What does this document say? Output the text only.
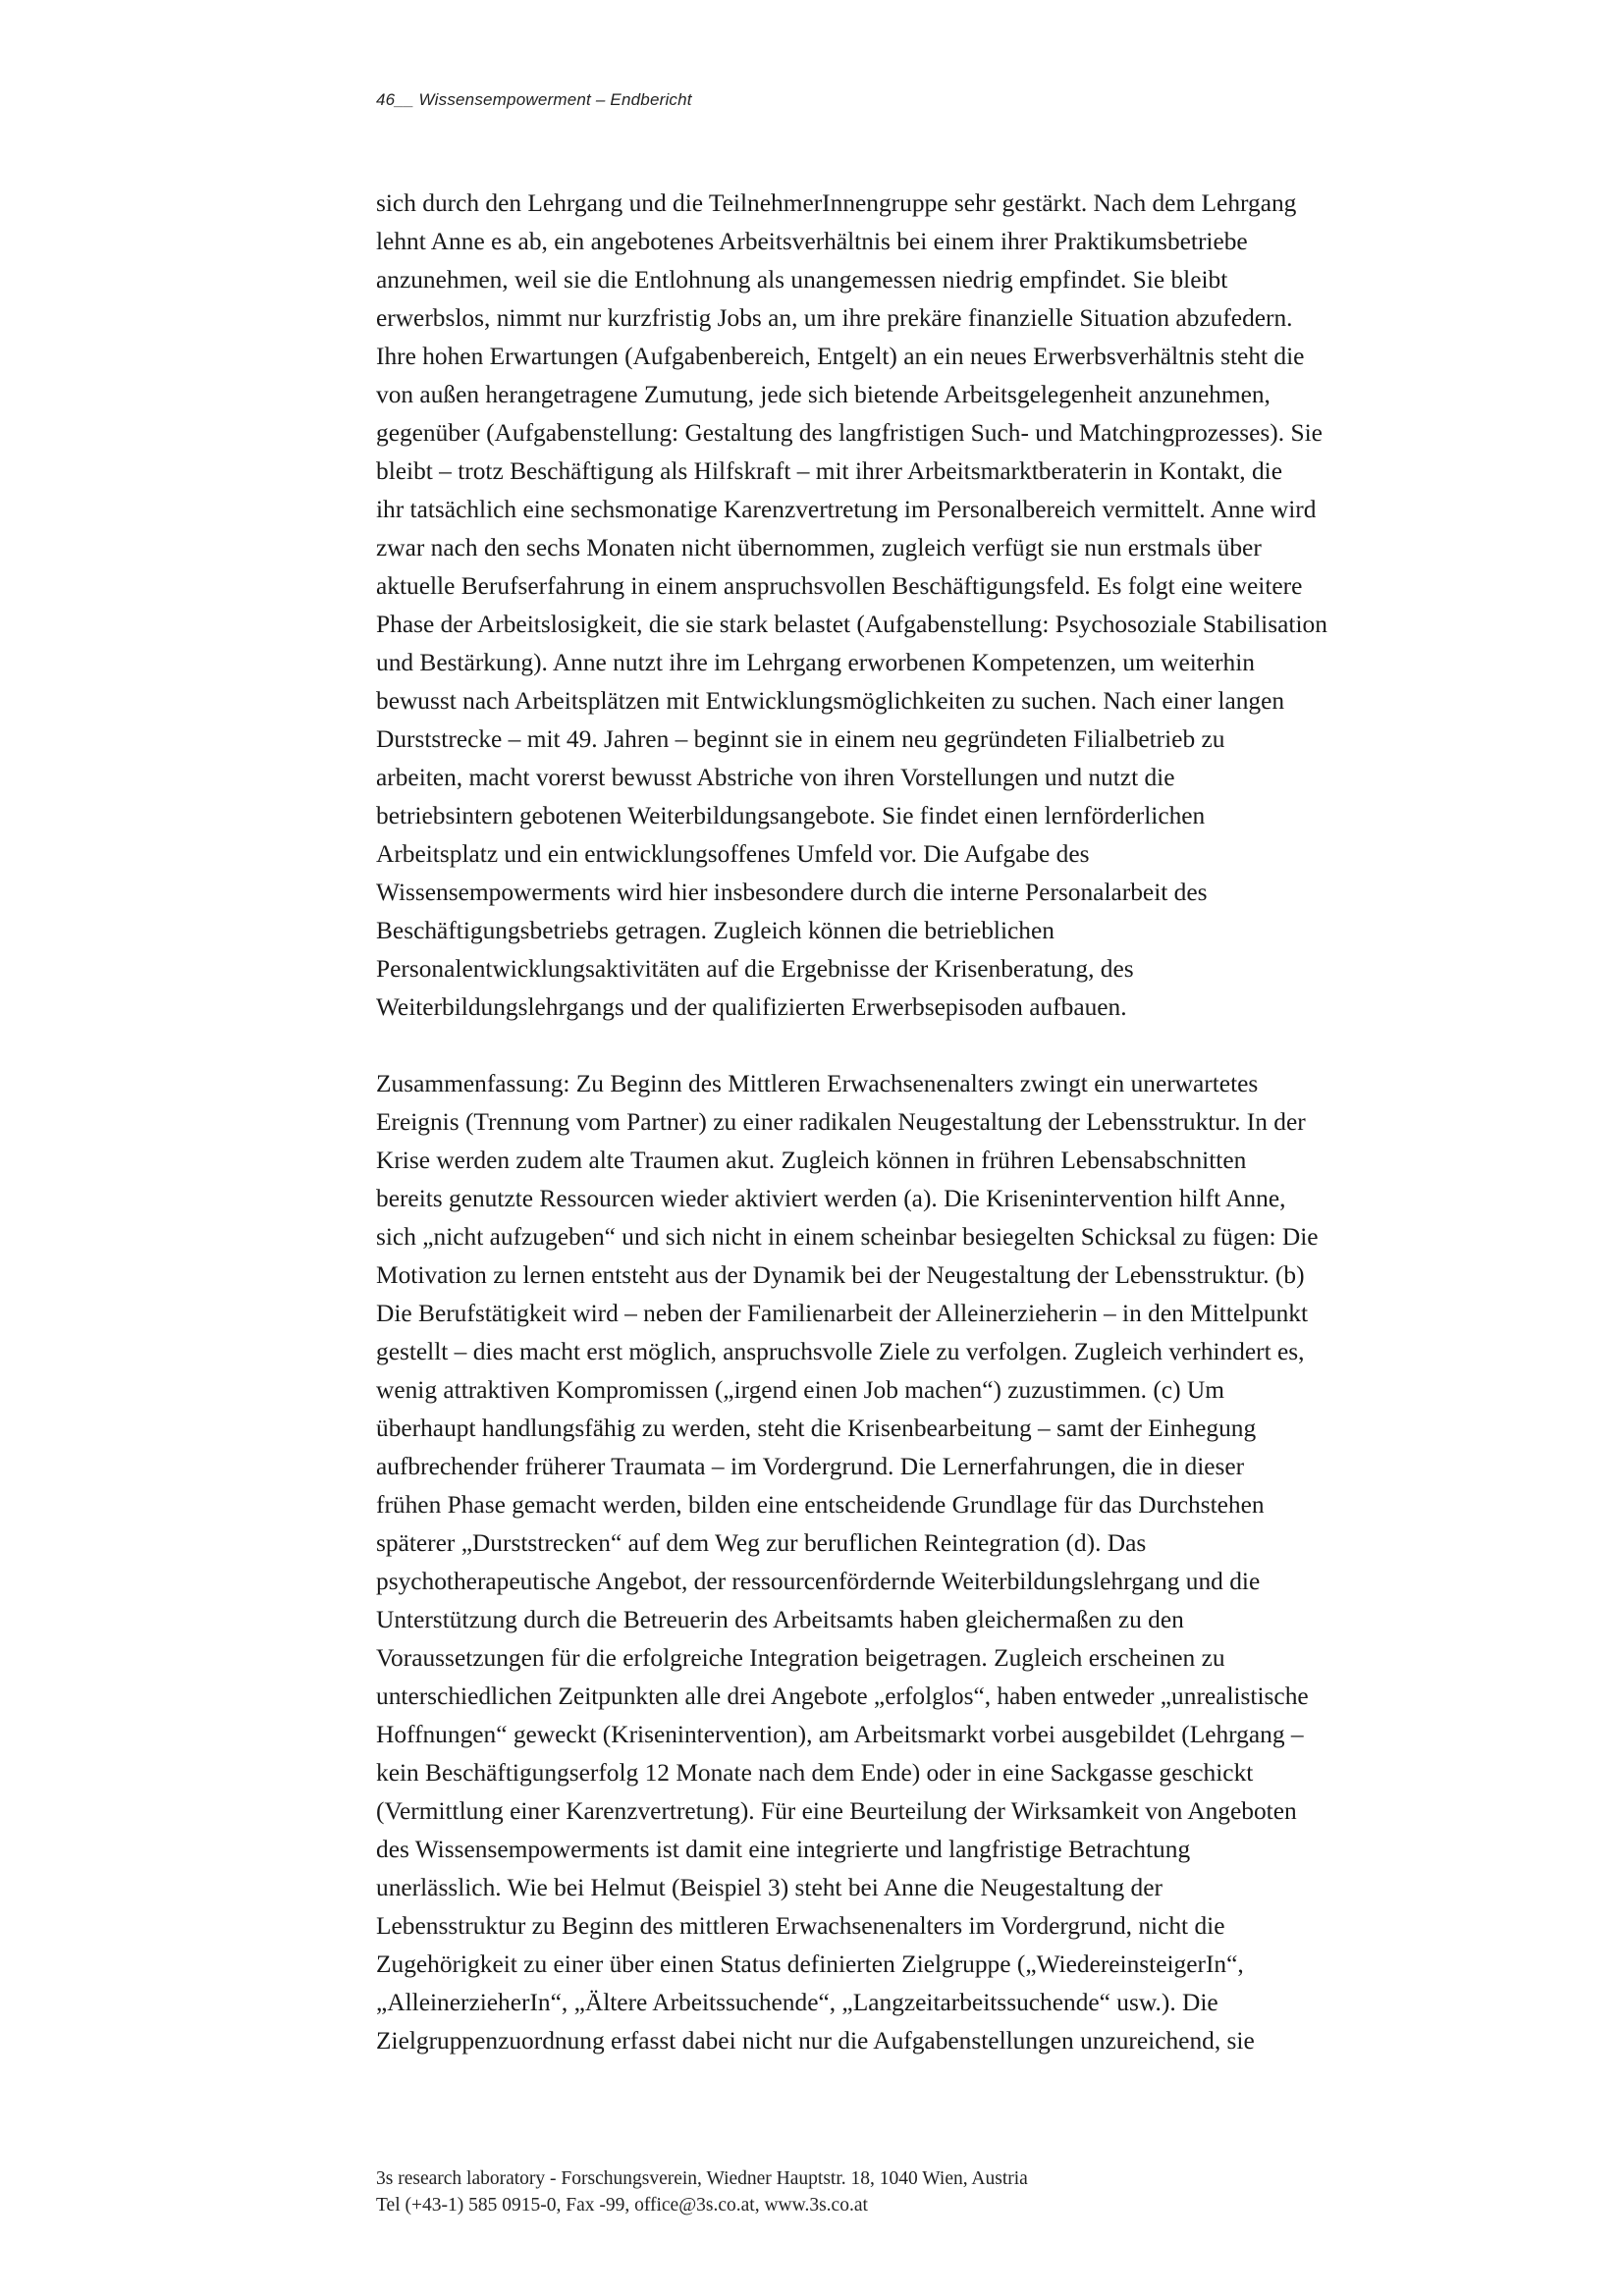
46__ Wissensempowerment – Endbericht

sich durch den Lehrgang und die TeilnehmerInnengruppe sehr gestärkt. Nach dem Lehrgang
lehnt Anne es ab, ein angebotenes Arbeitsverhältnis bei einem ihrer Praktikumsbetriebe
anzunehmen, weil sie die Entlohnung als unangemessen niedrig empfindet. Sie bleibt
erwerbslos, nimmt nur kurzfristig Jobs an, um ihre prekäre finanzielle Situation abzufedern.
Ihre hohen Erwartungen (Aufgabenbereich, Entgelt) an ein neues Erwerbsverhältnis steht die
von außen herangetragene Zumutung, jede sich bietende Arbeitsgelegenheit anzunehmen,
gegenüber (Aufgabenstellung: Gestaltung des langfristigen Such- und Matchingprozesses). Sie
bleibt – trotz Beschäftigung als Hilfskraft – mit ihrer Arbeitsmarktberaterin in Kontakt, die
ihr tatsächlich eine sechsmonatige Karenzvertretung im Personalbereich vermittelt. Anne wird
zwar nach den sechs Monaten nicht übernommen, zugleich verfügt sie nun erstmals über
aktuelle Berufserfahrung in einem anspruchsvollen Beschäftigungsfeld. Es folgt eine weitere
Phase der Arbeitslosigkeit, die sie stark belastet (Aufgabenstellung: Psychosoziale Stabilisation
und Bestärkung). Anne nutzt ihre im Lehrgang erworbenen Kompetenzen, um weiterhin
bewusst nach Arbeitsplätzen mit Entwicklungsmöglichkeiten zu suchen. Nach einer langen
Durststrecke – mit 49. Jahren – beginnt sie in einem neu gegründeten Filialbetrieb zu
arbeiten, macht vorerst bewusst Abstriche von ihren Vorstellungen und nutzt die
betriebsintern gebotenen Weiterbildungsangebote. Sie findet einen lernförderlichen
Arbeitsplatz und ein entwicklungsoffenes Umfeld vor. Die Aufgabe des
Wissensempowerments wird hier insbesondere durch die interne Personalarbeit des
Beschäftigungsbetriebs getragen. Zugleich können die betrieblichen
Personalentwicklungsaktivitäten auf die Ergebnisse der Krisenberatung, des
Weiterbildungslehrgangs und der qualifizierten Erwerbsepisoden aufbauen.

Zusammenfassung: Zu Beginn des Mittleren Erwachsenenalters zwingt ein unerwartetes
Ereignis (Trennung vom Partner) zu einer radikalen Neugestaltung der Lebensstruktur. In der
Krise werden zudem alte Traumen akut. Zugleich können in frühren Lebensabschnitten
bereits genutzte Ressourcen wieder aktiviert werden (a). Die Krisenintervention hilft Anne,
sich „nicht aufzugeben“ und sich nicht in einem scheinbar besiegelten Schicksal zu fügen: Die
Motivation zu lernen entsteht aus der Dynamik bei der Neugestaltung der Lebensstruktur. (b)
Die Berufstätigkeit wird – neben der Familienarbeit der Alleinerzieherin – in den Mittelpunkt
gestellt – dies macht erst möglich, anspruchsvolle Ziele zu verfolgen. Zugleich verhindert es,
wenig attraktiven Kompromissen („irgend einen Job machen“) zuzustimmen. (c) Um
überhaupt handlungsfähig zu werden, steht die Krisenbearbeitung – samt der Einhegung
aufbrechender früherer Traumata – im Vordergrund. Die Lernerfahrungen, die in dieser
frühen Phase gemacht werden, bilden eine entscheidende Grundlage für das Durchstehen
späterer „Durststrecken“ auf dem Weg zur beruflichen Reintegration (d). Das
psychotherapeutische Angebot, der ressourcenfördernde Weiterbildungslehrgang und die
Unterstützung durch die Betreuerin des Arbeitsamts haben gleichermaßen zu den
Voraussetzungen für die erfolgreiche Integration beigetragen. Zugleich erscheinen zu
unterschiedlichen Zeitpunkten alle drei Angebote „erfolglos“, haben entweder „unrealistische
Hoffnungen“ geweckt (Krisenintervention), am Arbeitsmarkt vorbei ausgebildet (Lehrgang –
kein Beschäftigungserfolg 12 Monate nach dem Ende) oder in eine Sackgasse geschickt
(Vermittlung einer Karenzvertretung). Für eine Beurteilung der Wirksamkeit von Angeboten
des Wissensempowerments ist damit eine integrierte und langfristige Betrachtung
unerlässlich. Wie bei Helmut (Beispiel 3) steht bei Anne die Neugestaltung der
Lebensstruktur zu Beginn des mittleren Erwachsenenalters im Vordergrund, nicht die
Zugehörigkeit zu einer über einen Status definierten Zielgruppe („WiedereinsteigerIn“,
„AlleinerzieherIn“, „Ältere Arbeitssuchende“, „Langzeitarbeitssuchende“ usw.). Die
Zielgruppenzuordnung erfasst dabei nicht nur die Aufgabenstellungen unzureichend, sie

3s research laboratory - Forschungsverein, Wiedner Hauptstr. 18, 1040 Wien, Austria
Tel (+43-1) 585 0915-0, Fax -99, office@3s.co.at, www.3s.co.at
